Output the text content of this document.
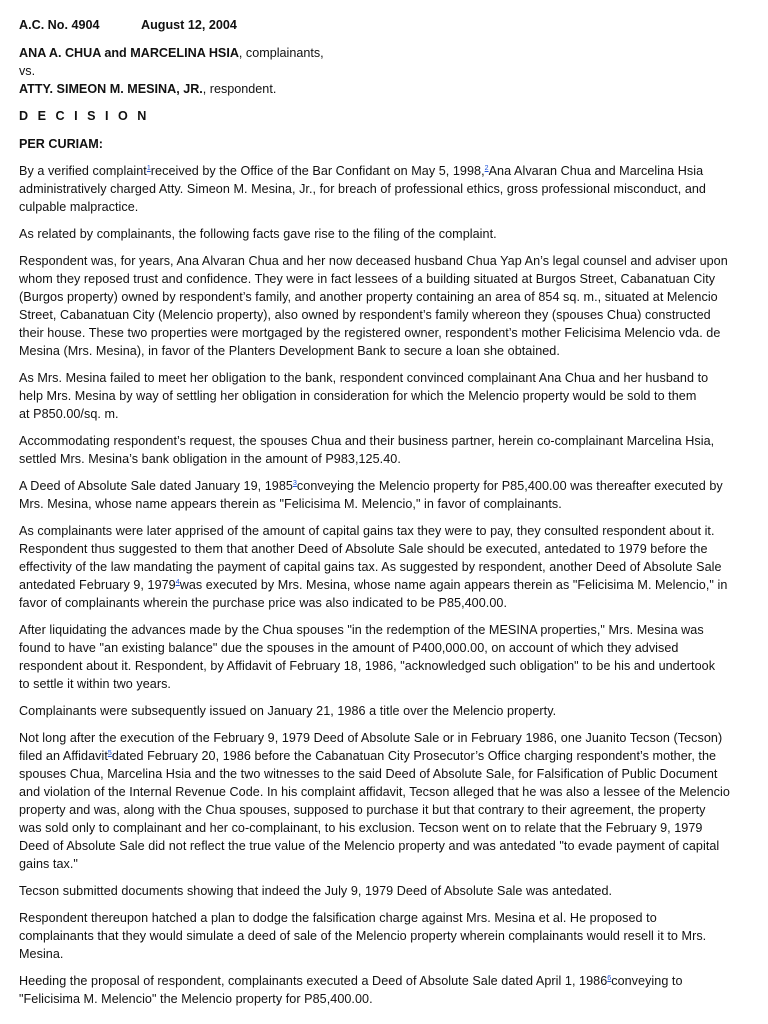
A.C. No. 4904	August 12, 2004
ANA A. CHUA and MARCELINA HSIA, complainants,
vs.
ATTY. SIMEON M. MESINA, JR., respondent.
D E C I S I O N
PER CURIAM:

By a verified complaint$^1$received by the Office of the Bar Confidant on May 5, 1998,$^2$Ana Alvaran Chua and Marcelina Hsia
administratively charged Atty. Simeon M. Mesina, Jr., for breach of professional ethics, gross professional misconduct, and
culpable malpractice.

As related by complainants, the following facts gave rise to the filing of the complaint.

Respondent was, for years, Ana Alvaran Chua and her now deceased husband Chua Yap An’s legal counsel and adviser upon
whom they reposed trust and confidence. They were in fact lessees of a building situated at Burgos Street, Cabanatuan City
(Burgos property) owned by respondent’s family, and another property containing an area of 854 sq. m., situated at Melencio
Street, Cabanatuan City (Melencio property), also owned by respondent’s family whereon they (spouses Chua) constructed
their house. These two properties were mortgaged by the registered owner, respondent’s mother Felicisima Melencio vda. de
Mesina (Mrs. Mesina), in favor of the Planters Development Bank to secure a loan she obtained.

As Mrs. Mesina failed to meet her obligation to the bank, respondent convinced complainant Ana Chua and her husband to
help Mrs. Mesina by way of settling her obligation in consideration for which the Melencio property would be sold to them
at P850.00/sq. m.

Accommodating respondent’s request, the spouses Chua and their business partner, herein co-complainant Marcelina Hsia,
settled Mrs. Mesina’s bank obligation in the amount of P983,125.40.

A Deed of Absolute Sale dated January 19, 1985$^3$conveying the Melencio property for P85,400.00 was thereafter executed by
Mrs. Mesina, whose name appears therein as "Felicisima M. Melencio," in favor of complainants.

As complainants were later apprised of the amount of capital gains tax they were to pay, they consulted respondent about it.
Respondent thus suggested to them that another Deed of Absolute Sale should be executed, antedated to 1979 before the
effectivity of the law mandating the payment of capital gains tax. As suggested by respondent, another Deed of Absolute Sale
antedated February 9, 1979$^4$was executed by Mrs. Mesina, whose name again appears therein as "Felicisima M. Melencio," in
favor of complainants wherein the purchase price was also indicated to be P85,400.00.

After liquidating the advances made by the Chua spouses "in the redemption of the MESINA properties," Mrs. Mesina was
found to have "an existing balance" due the spouses in the amount of P400,000.00, on account of which they advised
respondent about it. Respondent, by Affidavit of February 18, 1986, "acknowledged such obligation" to be his and undertook
to settle it within two years.

Complainants were subsequently issued on January 21, 1986 a title over the Melencio property.

Not long after the execution of the February 9, 1979 Deed of Absolute Sale or in February 1986, one Juanito Tecson (Tecson)
filed an Affidavit$^5$dated February 20, 1986 before the Cabanatuan City Prosecutor’s Office charging respondent’s mother, the
spouses Chua, Marcelina Hsia and the two witnesses to the said Deed of Absolute Sale, for Falsification of Public Document
and violation of the Internal Revenue Code. In his complaint affidavit, Tecson alleged that he was also a lessee of the Melencio
property and was, along with the Chua spouses, supposed to purchase it but that contrary to their agreement, the property
was sold only to complainant and her co-complainant, to his exclusion. Tecson went on to relate that the February 9, 1979
Deed of Absolute Sale did not reflect the true value of the Melencio property and was antedated "to evade payment of capital
gains tax."

Tecson submitted documents showing that indeed the July 9, 1979 Deed of Absolute Sale was antedated.

Respondent thereupon hatched a plan to dodge the falsification charge against Mrs. Mesina et al. He proposed to
complainants that they would simulate a deed of sale of the Melencio property wherein complainants would resell it to Mrs.
Mesina.

Heeding the proposal of respondent, complainants executed a Deed of Absolute Sale dated April 1, 1986$^6$conveying to
"Felicisima M. Melencio" the Melencio property for P85,400.00.
